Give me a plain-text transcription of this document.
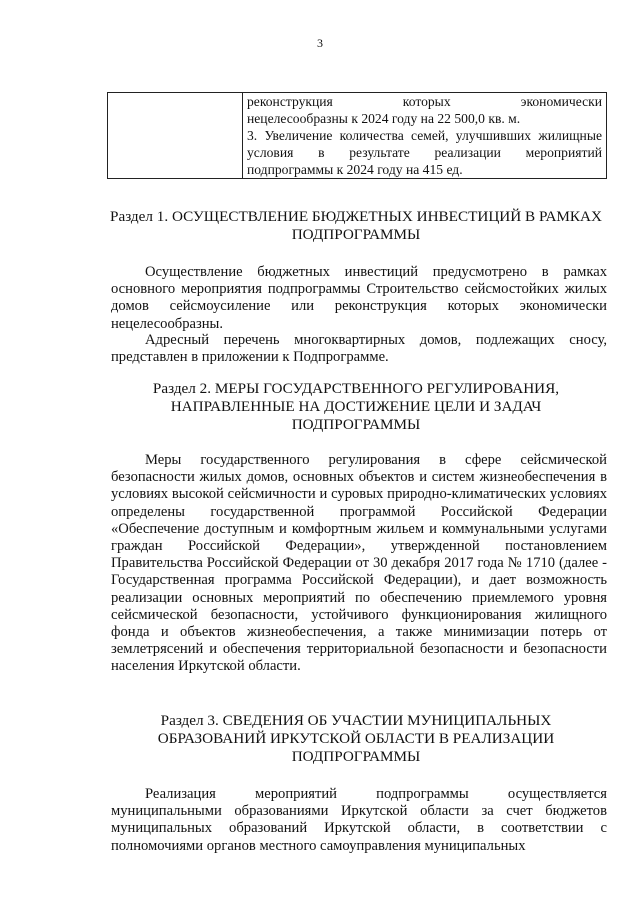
3

реконструкция которых экономически
нецелесообразны к 2024 году на 22 500,0 кв. м.
3. Увеличение количества семей, улучшивших жилищные условия в результате реализации мероприятий подпрограммы к 2024 году на 415 ед.
Раздел 1. ОСУЩЕСТВЛЕНИЕ БЮДЖЕТНЫХ ИНВЕСТИЦИЙ В РАМКАХ
ПОДПРОГРАММЫ

Осуществление бюджетных инвестиций предусмотрено в рамках основного мероприятия подпрограммы Строительство сейсмостойких жилых домов сейсмоусиление или реконструкция которых экономически нецелесообразны.

Адресный перечень многоквартирных домов, подлежащих сносу, представлен в приложении к Подпрограмме.

Раздел 2. МЕРЫ ГОСУДАРСТВЕННОГО РЕГУЛИРОВАНИЯ,
НАПРАВЛЕННЫЕ НА ДОСТИЖЕНИЕ ЦЕЛИ И ЗАДАЧ
ПОДПРОГРАММЫ

Меры государственного регулирования в сфере сейсмической безопасности жилых домов, основных объектов и систем жизнеобеспечения в условиях высокой сейсмичности и суровых природно-климатических условиях определены государственной программой Российской Федерации «Обеспечение доступным и комфортным жильем и коммунальными услугами граждан Российской Федерации», утвержденной постановлением Правительства Российской Федерации от 30 декабря 2017 года № 1710 (далее - Государственная программа Российской Федерации), и дает возможность реализации основных мероприятий по обеспечению приемлемого уровня сейсмической безопасности, устойчивого функционирования жилищного фонда и объектов жизнеобеспечения, а также минимизации потерь от землетрясений и обеспечения территориальной безопасности и безопасности населения Иркутской области.

Раздел 3. СВЕДЕНИЯ ОБ УЧАСТИИ МУНИЦИПАЛЬНЫХ
ОБРАЗОВАНИЙ ИРКУТСКОЙ ОБЛАСТИ В РЕАЛИЗАЦИИ
ПОДПРОГРАММЫ

Реализация мероприятий подпрограммы осуществляется муниципальными образованиями Иркутской области за счет бюджетов муниципальных образований Иркутской области, в соответствии с полномочиями органов местного самоуправления муниципальных
